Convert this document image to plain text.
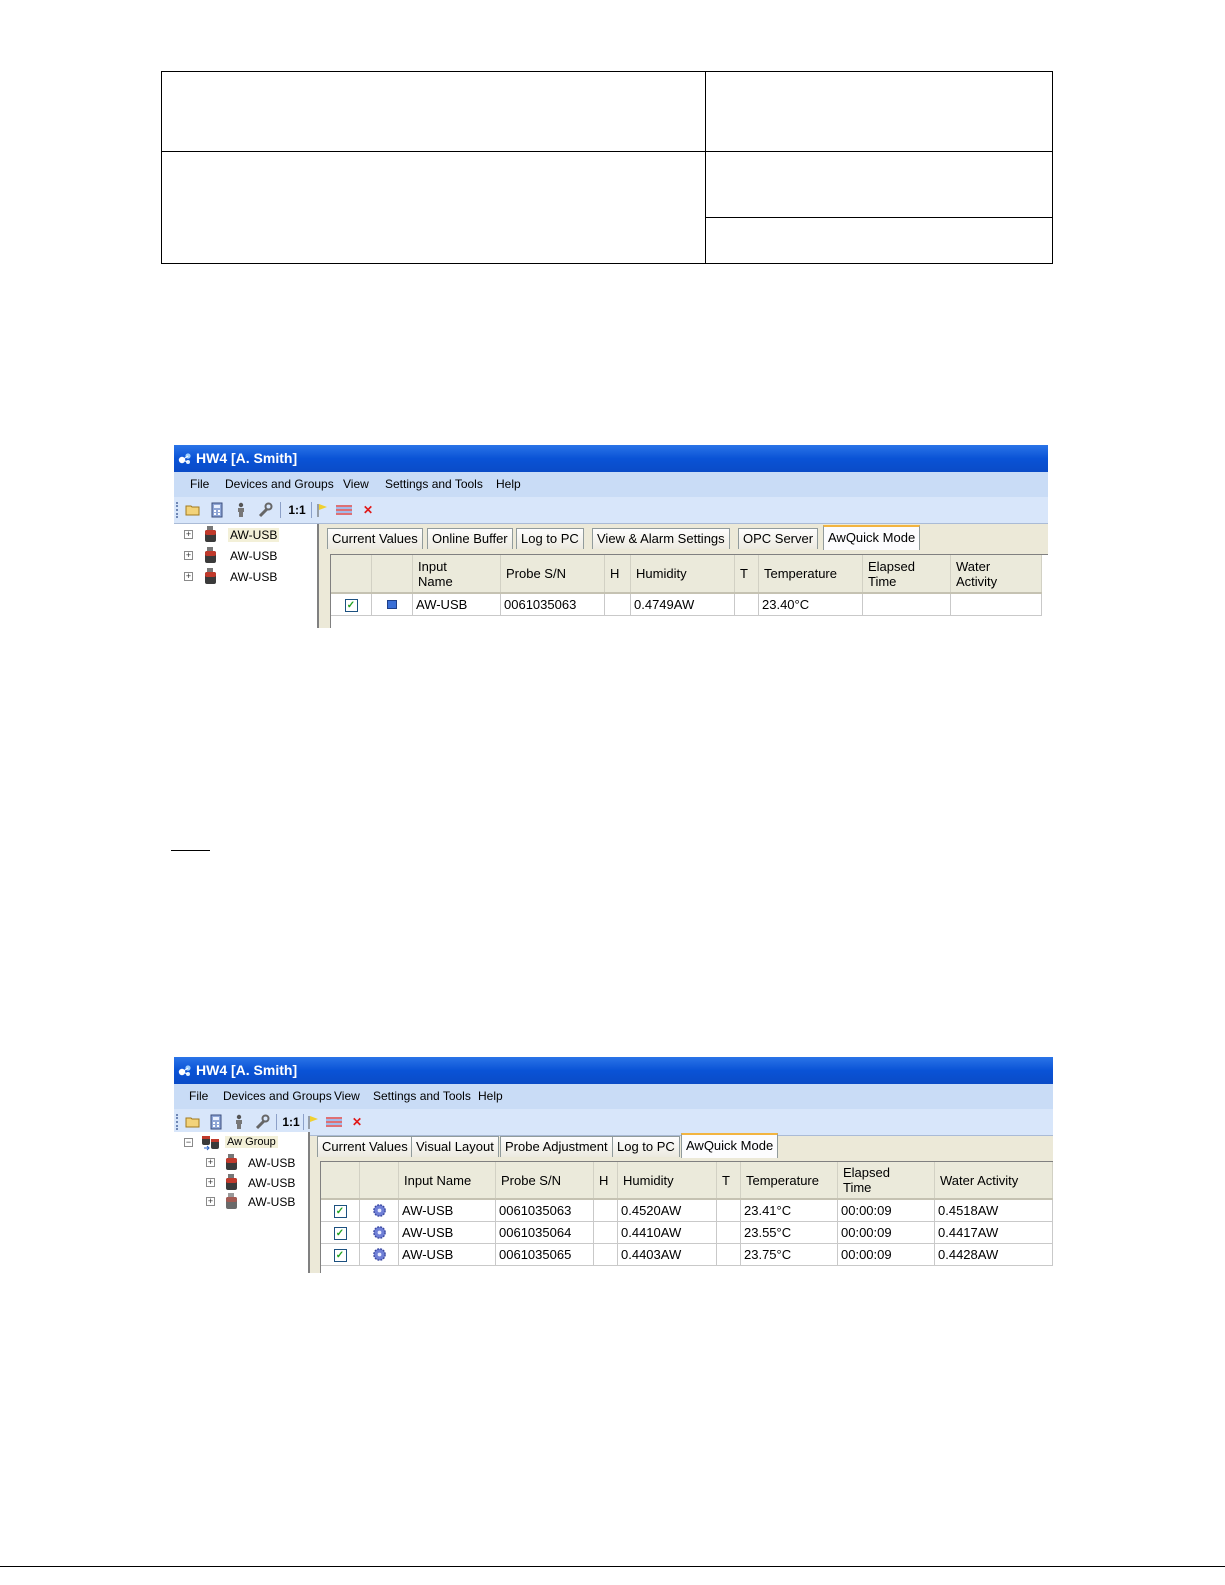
HW4 [A. Smith]
File Devices and Groups View Settings and Tools Help
1:1	✕
+	AW-USB
+	AW-USB
+	AW-USB
Current Values	Online Buffer	Log to PC	View & Alarm Settings	OPC Server	AwQuick Mode
		Input
Name	Probe S/N	H	Humidity	T	Temperature	Elapsed
Time	Water
Activity
✓		AW-USB	0061035063		0.4749AW		23.40°C		
HW4 [A. Smith]
File Devices and Groups View Settings and Tools Help
1:1	✕
−	Aw Group
+	AW-USB
+	AW-USB
+	AW-USB
Current Values Visual Layout Probe Adjustment Log to PC AwQuick Mode
		Input Name	Probe S/N	H	Humidity	T	Temperature	Elapsed
Time	Water Activity
✓		AW-USB	0061035063		0.4520AW		23.41°C	00:00:09	0.4518AW
✓		AW-USB	0061035064		0.4410AW		23.55°C	00:00:09	0.4417AW
✓		AW-USB	0061035065		0.4403AW		23.75°C	00:00:09	0.4428AW
